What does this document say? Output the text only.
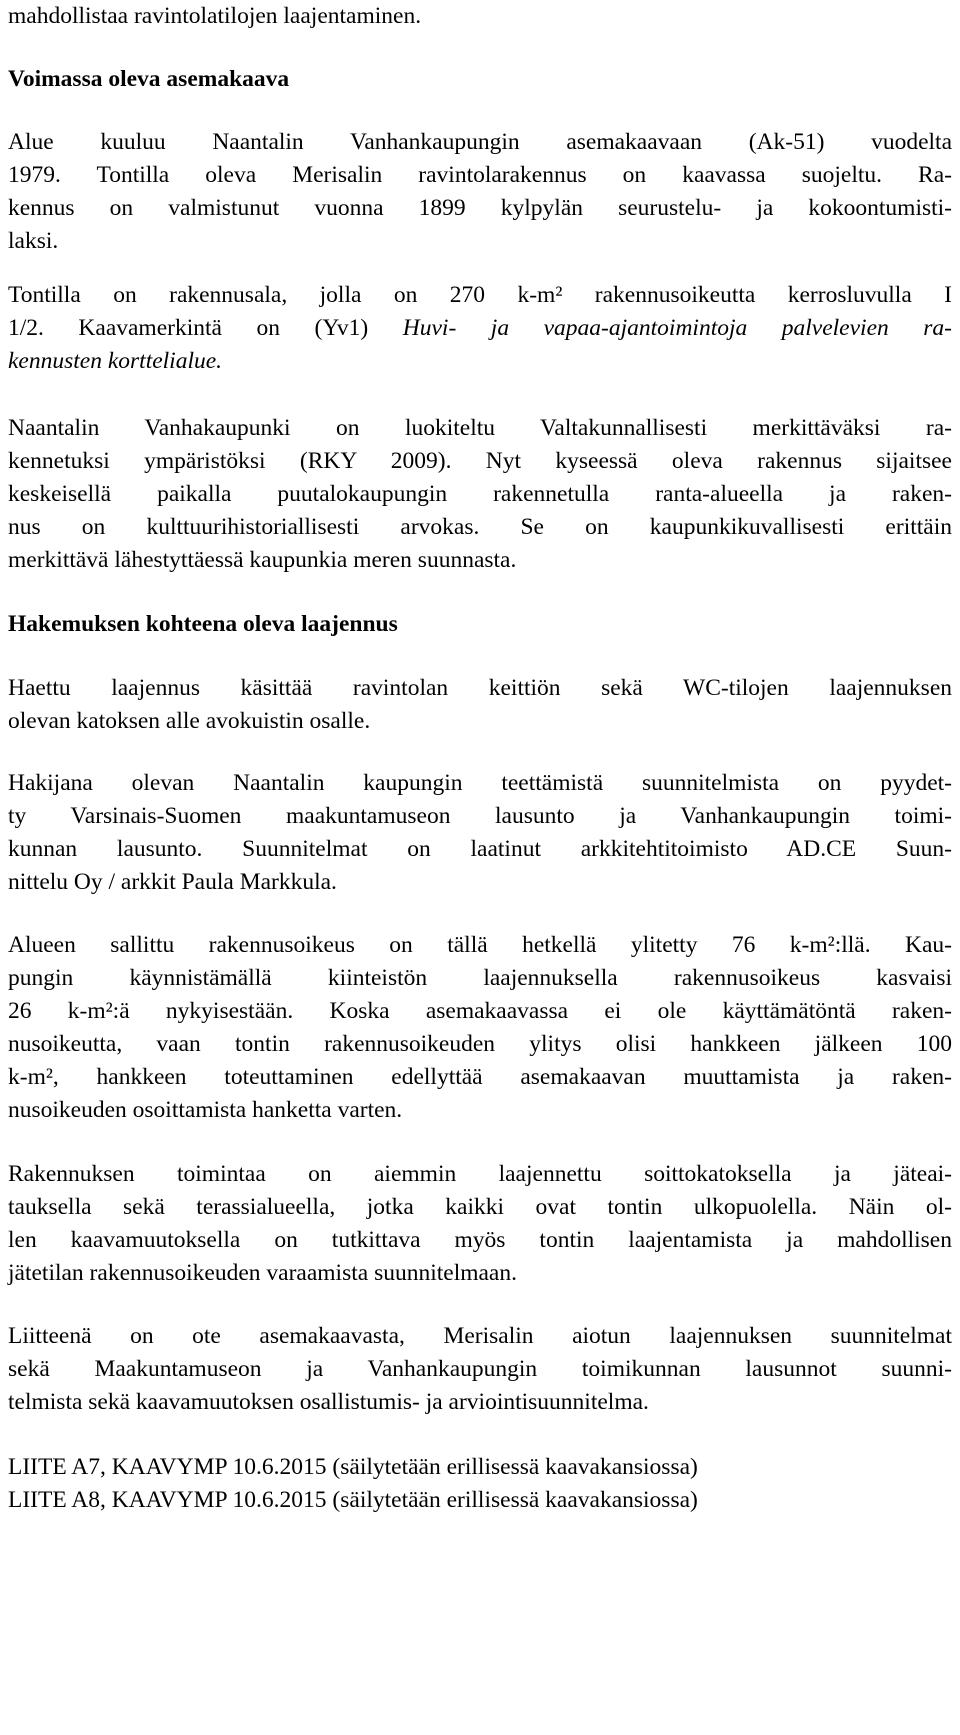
mahdollistaa ravintolatilojen laajentaminen.
Voimassa oleva asemakaava
Alue kuuluu Naantalin Vanhankaupungin asemakaavaan (Ak-51) vuodelta
1979. Tontilla oleva Merisalin ravintolarakennus on kaavassa suojeltu. Ra-
kennus on valmistunut vuonna 1899 kylpylän seurustelu- ja kokoontumisti-
laksi.
Tontilla on rakennusala, jolla on 270 k-m² rakennusoikeutta kerrosluvulla I
1/2. Kaavamerkintä on (Yv1) Huvi- ja vapaa-ajantoimintoja palvelevien ra-
kennusten korttelialue.
Naantalin Vanhakaupunki on luokiteltu Valtakunnallisesti merkittäväksi ra-
kennetuksi ympäristöksi (RKY 2009). Nyt kyseessä oleva rakennus sijaitsee
keskeisellä paikalla puutalokaupungin rakennetulla ranta-alueella ja raken-
nus on kulttuurihistoriallisesti arvokas. Se on kaupunkikuvallisesti erittäin
merkittävä lähestyttäessä kaupunkia meren suunnasta.
Hakemuksen kohteena oleva laajennus
Haettu laajennus käsittää ravintolan keittiön sekä WC-tilojen laajennuksen
olevan katoksen alle avokuistin osalle.
Hakijana olevan Naantalin kaupungin teettämistä suunnitelmista on pyydet-
ty Varsinais-Suomen maakuntamuseon lausunto ja Vanhankaupungin toimi-
kunnan lausunto. Suunnitelmat on laatinut arkkitehtitoimisto AD.CE Suun-
nittelu Oy / arkkit Paula Markkula.
Alueen sallittu rakennusoikeus on tällä hetkellä ylitetty 76 k-m²:llä. Kau-
pungin käynnistämällä kiinteistön laajennuksella rakennusoikeus kasvaisi
26 k-m²:ä nykyisestään. Koska asemakaavassa ei ole käyttämätöntä raken-
nusoikeutta, vaan tontin rakennusoikeuden ylitys olisi hankkeen jälkeen 100
k-m², hankkeen toteuttaminen edellyttää asemakaavan muuttamista ja raken-
nusoikeuden osoittamista hanketta varten.
Rakennuksen toimintaa on aiemmin laajennettu soittokatoksella ja jäteai-
tauksella sekä terassialueella, jotka kaikki ovat tontin ulkopuolella. Näin ol-
len kaavamuutoksella on tutkittava myös tontin laajentamista ja mahdollisen
jätetilan rakennusoikeuden varaamista suunnitelmaan.
Liitteenä on ote asemakaavasta, Merisalin aiotun laajennuksen suunnitelmat
sekä Maakuntamuseon ja Vanhankaupungin toimikunnan lausunnot suunni-
telmista sekä kaavamuutoksen osallistumis- ja arviointisuunnitelma.
LIITE A7, KAAVYMP 10.6.2015 (säilytetään erillisessä kaavakansiossa)
LIITE A8, KAAVYMP 10.6.2015 (säilytetään erillisessä kaavakansiossa)
